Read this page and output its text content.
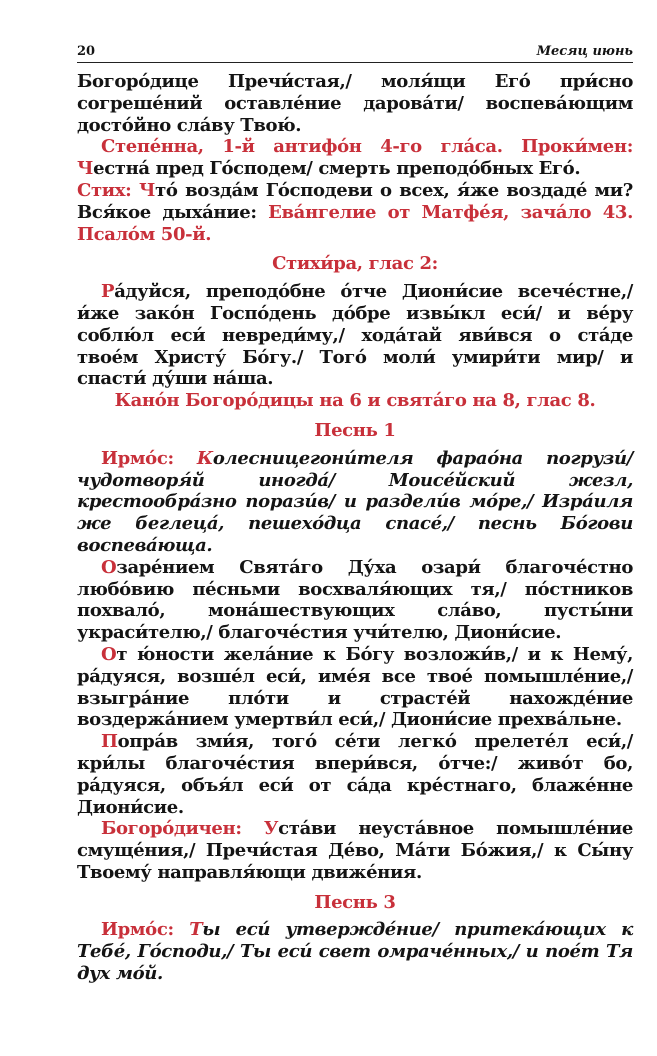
20	Месяц июнь

Богоро́дице Пречи́стая,/ моля́щи Его́ при́сно согреше́ний оставле́ние дарова́ти/ воспева́ющим досто́йно сла́ву Твою́.

Степе́нна, 1-й антифо́н 4-го гла́са. Проки́мен: Честна́ пред Го́сподем/ смерть преподо́бных Его́.

Стих: Что́ возда́м Го́сподеви о всех, я́же воздаде́ ми? Вся́кое дыха́ние: Ева́нгелие от Матфе́я, зача́ло 43. Псало́м 50-й.

Стихи́ра, глас 2:

Ра́дуйся, преподо́бне о́тче Диони́сие всече́стне,/ и́же зако́н Госпо́день до́бре извы́кл еси́/ и ве́ру соблю́л еси́ невреди́му,/ хода́тай яви́вся о ста́де твое́м Христу́ Бо́гу./ Того́ моли́ умири́ти мир/ и спасти́ ду́ши на́ша.

Кано́н Богоро́дицы на 6 и свята́го на 8, глас 8.
Песнь 1

Ирмо́с: Колесницегони́теля фарао́на погрузи́/ чудотворя́й иногда́/ Моисе́йский жезл, крестообра́зно порази́в/ и раздели́в мо́ре,/ Изра́иля же беглеца́, пешехо́дца спасе́,/ песнь Бо́гови воспева́юща.

Озаре́нием Свята́го Ду́ха озари́ благоче́стно любо́вию пе́сньми восхваля́ющих тя,/ по́стников похвало́, мона́шествующих сла́во, пусты́ни украси́телю,/ благоче́стия учи́телю, Диони́сие.

От ю́ности жела́ние к Бо́гу возложи́в,/ и к Нему́, ра́дуяся, возше́л еси́, име́я все твое́ помышле́ние,/ взыгра́ние пло́ти и страсте́й нахожде́ние воздержа́нием умертви́л еси́,/ Диони́сие прехва́льне.

Попра́в зми́я, того́ се́ти легко́ прелете́л еси́,/ кри́лы благоче́стия впери́вся, о́тче:/ живо́т бо, ра́дуяся, объя́л еси́ от са́да кре́стнаго, блаже́нне Диони́сие.

Богоро́дичен: Уста́ви неуста́вное помышле́ние смуще́ния,/ Пречи́стая Де́во, Ма́ти Бо́жия,/ к Сы́ну Твоему́ направля́ющи движе́ния.

Песнь 3

Ирмо́с: Ты еси́ утвержде́ние/ притека́ющих к Тебе́, Го́споди,/ Ты еси́ свет омраче́нных,/ и пое́т Тя дух мо́й.
